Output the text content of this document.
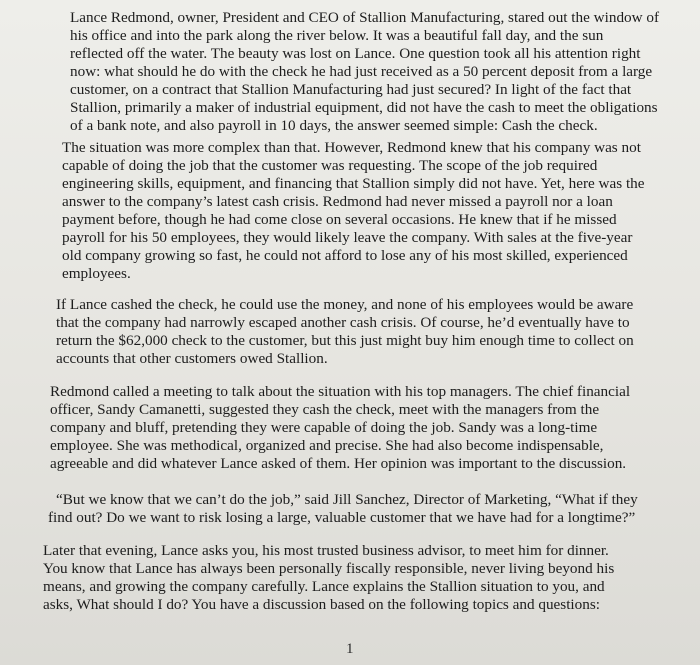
Lance Redmond, owner, President and CEO of Stallion Manufacturing, stared out the window of
his office and into the park along the river below. It was a beautiful fall day, and the sun
reflected off the water. The beauty was lost on Lance. One question took all his attention right
now: what should he do with the check he had just received as a 50 percent deposit from a large
customer, on a contract that Stallion Manufacturing had just secured? In light of the fact that
Stallion, primarily a maker of industrial equipment, did not have the cash to meet the obligations
of a bank note, and also payroll in 10 days, the answer seemed simple: Cash the check.

The situation was more complex than that. However, Redmond knew that his company was not
capable of doing the job that the customer was requesting. The scope of the job required
engineering skills, equipment, and financing that Stallion simply did not have. Yet, here was the
answer to the company’s latest cash crisis. Redmond had never missed a payroll nor a loan
payment before, though he had come close on several occasions. He knew that if he missed
payroll for his 50 employees, they would likely leave the company. With sales at the five-year
old company growing so fast, he could not afford to lose any of his most skilled, experienced
employees.

If Lance cashed the check, he could use the money, and none of his employees would be aware
that the company had narrowly escaped another cash crisis. Of course, he’d eventually have to
return the $62,000 check to the customer, but this just might buy him enough time to collect on
accounts that other customers owed Stallion.

Redmond called a meeting to talk about the situation with his top managers. The chief financial
officer, Sandy Camanetti, suggested they cash the check, meet with the managers from the
company and bluff, pretending they were capable of doing the job. Sandy was a long-time
employee. She was methodical, organized and precise. She had also become indispensable,
agreeable and did whatever Lance asked of them. Her opinion was important to the discussion.

“But we know that we can’t do the job,” said Jill Sanchez, Director of Marketing, “What if they
find out? Do we want to risk losing a large, valuable customer that we have had for a longtime?”

Later that evening, Lance asks you, his most trusted business advisor, to meet him for dinner.
You know that Lance has always been personally fiscally responsible, never living beyond his
means, and growing the company carefully. Lance explains the Stallion situation to you, and
asks, What should I do? You have a discussion based on the following topics and questions:

1
